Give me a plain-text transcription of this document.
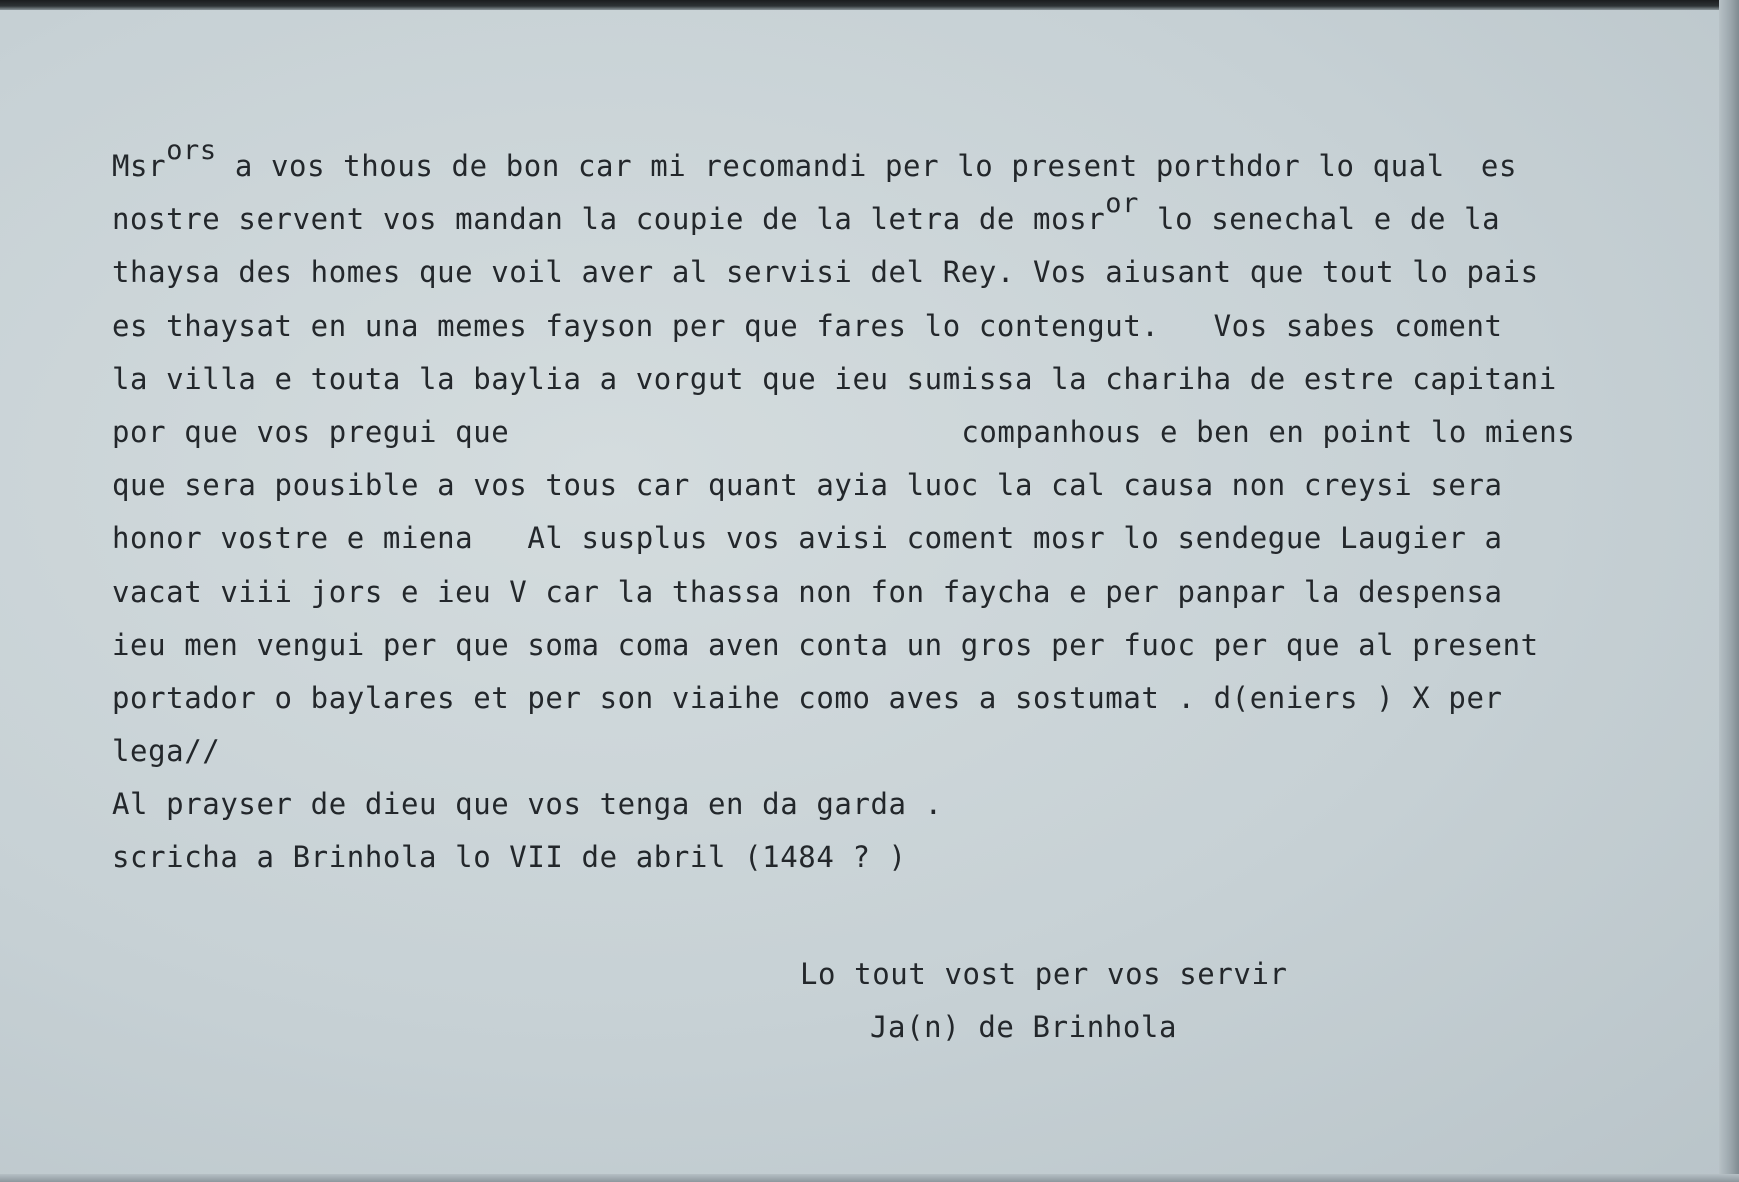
Msrors a vos thous de bon car mi recomandi per lo present porthdor lo qual  es
nostre servent vos mandan la coupie de la letra de mosror lo senechal e de la
thaysa des homes que voil aver al servisi del Rey. Vos aiusant que tout lo pais
es thaysat en una memes fayson per que fares lo contengut.   Vos sabes coment
la villa e touta la baylia a vorgut que ieu sumissa la chariha de estre capitani
por que vos pregui que	companhous e ben en point lo miens
que sera pousible a vos tous car quant ayia luoc la cal causa non creysi sera
honor vostre e miena   Al susplus vos avisi coment mosr lo sendegue Laugier a
vacat viii jors e ieu V car la thassa non fon faycha e per panpar la despensa
ieu men vengui per que soma coma aven conta un gros per fuoc per que al present
portador o baylares et per son viaihe como aves a sostumat . d(eniers ) X per
lega//
Al prayser de dieu que vos tenga en da garda .
scricha a Brinhola lo VII de abril (1484 ? )
Lo tout vost per vos servir
Ja(n) de Brinhola
